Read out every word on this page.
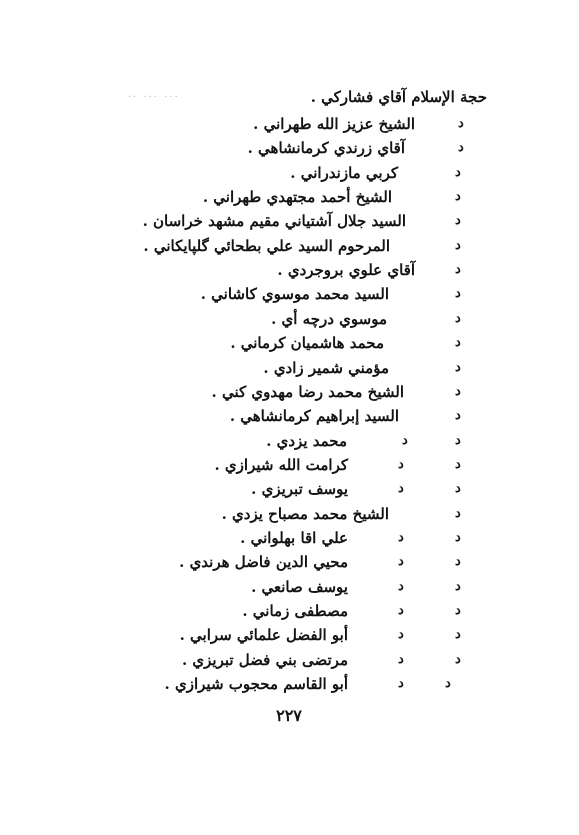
·· ··· ···	حجة الإسلام آقاي فشاركي .
د
الشيخ عزيز الله طهراني .
د
آقاي زرندي كرمانشاهي .
د
كربي مازندراني .
د
الشيخ أحمد مجتهدي طهراني .
د
السيد جلال آشتياني مقيم مشهد خراسان .
د
المرحوم السيد علي بطحائي گلپايكاني .
د
آقاي علوي بروجردي .
د
السيد محمد موسوي كاشاني .
د
موسوي درچه أي .
د
محمد هاشميان كرماني .
د
مؤمني شمير زادي .
د
الشيخ محمد رضا مهدوي كني .
د
السيد إبراهيم كرمانشاهي .
د	د
محمد يزدي .
د	د
كرامت الله شيرازي .
د	د
يوسف تبريزي .
د
الشيخ محمد مصباح يزدي .
د	د
علي اقا بهلواني .
د	د
محيي الدين فاضل هرندي .
د	د
يوسف صانعي .
د	د
مصطفى زماني .
د	د
أبو الفضل علمائي سرابي .
د	د
مرتضى بني فضل تبريزي .
د	د
أبو القاسم محجوب شيرازي .
٢٢٧
